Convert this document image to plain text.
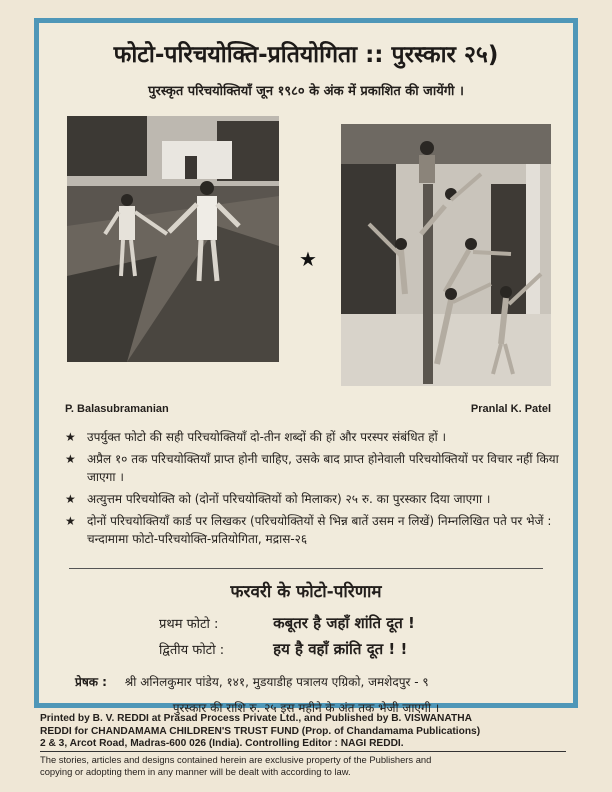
फोटो-परिचयोक्ति-प्रतियोगिता :: पुरस्कार २५)
पुरस्कृत परिचयोक्तियाँ जून १९८० के अंक में प्रकाशित की जायेंगी ।
★
P. Balasubramanian	Pranlal K. Patel
★ उपर्युक्त फोटो की सही परिचयोक्तियाँ दो-तीन शब्दों की हों और परस्पर संबंधित हों ।
★ अप्रैल १० तक परिचयोक्तियाँ प्राप्त होनी चाहिए, उसके बाद प्राप्त होनेवाली परिचयोक्तियों पर विचार नहीं किया जाएगा ।
★ अत्युत्तम परिचयोक्ति को (दोनों परिचयोक्तियों को मिलाकर) २५ रु. का पुरस्कार दिया जाएगा ।
★ दोनों परिचयोक्तियाँ कार्ड पर लिखकर (परिचयोक्तियों से भिन्न बातें उसम न लिखें) निम्नलिखित पते पर भेजें : चन्दामामा फोटो-परिचयोक्ति-प्रतियोगिता, मद्रास-२६
फरवरी के फोटो-परिणाम
प्रथम फोटो :	कबूतर है जहाँ शांति दूत !
द्वितीय फोटो :	हय है वहाँ क्रांति दूत ! !
प्रेषक : श्री अनिलकुमार पांडेय, १४१, मुडयाडीह पत्रालय एग्रिको, जमशेदपुर - ९
पुरस्कार की राशि रु. २५ इस महीने के अंत तक भेजी जाएगी ।
Printed by B. V. REDDI at Prasad Process Private Ltd., and Published by B. VISWANATHA
REDDI for CHANDAMAMA CHILDREN'S TRUST FUND (Prop. of Chandamama Publications)
2 & 3, Arcot Road, Madras-600 026 (India). Controlling Editor : NAGI REDDI.
The stories, articles and designs contained herein are exclusive property of the Publishers and
copying or adopting them in any manner will be dealt with according to law.
